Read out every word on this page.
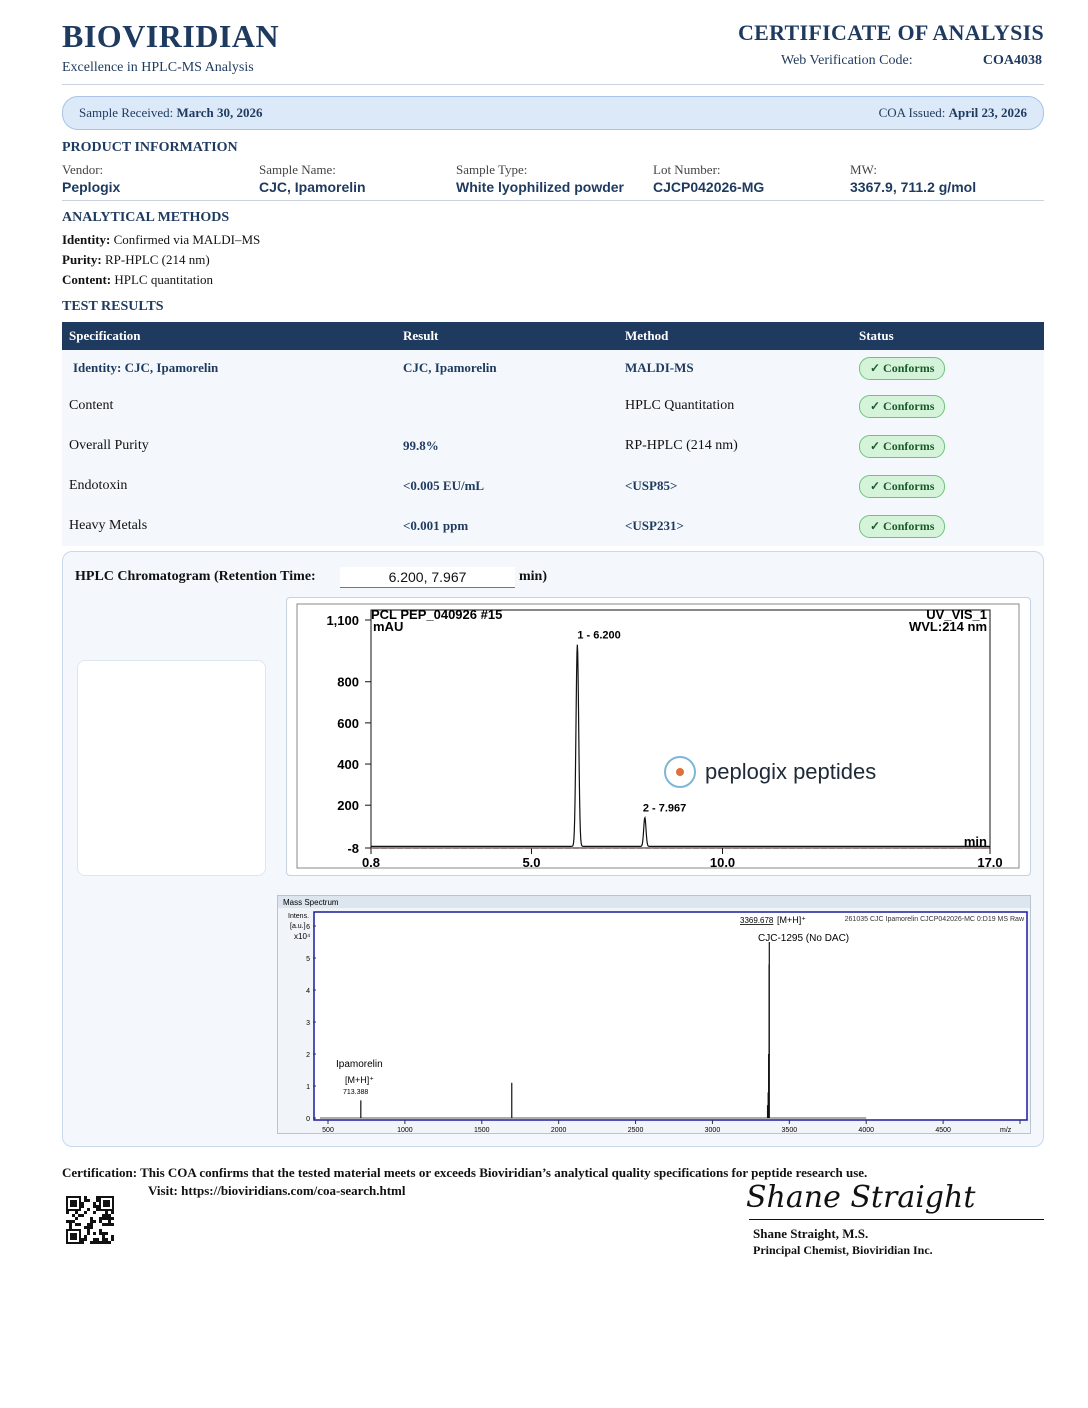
BIOVIRIDIAN
Excellence in HPLC-MS Analysis
CERTIFICATE OF ANALYSIS
Web Verification Code:	COA4038
Sample Received: March 30, 2026	COA Issued: April 23, 2026
PRODUCT INFORMATION
Vendor:
Peplogix
Sample Name:
CJC, Ipamorelin
Sample Type:
White lyophilized powder
Lot Number:
CJCP042026-MG
MW:
3367.9, 711.2 g/mol
ANALYTICAL METHODS
Identity: Confirmed via MALDI–MS
Purity: RP-HPLC (214 nm)
Content: HPLC quantitation
TEST RESULTS
Specification	Result	Method	Status
Identity: CJC, Ipamorelin	CJC, Ipamorelin	MALDI-MS	✓ Conforms
Content		HPLC Quantitation	✓ Conforms
Overall Purity	99.8%	RP-HPLC (214 nm)	✓ Conforms
Endotoxin	<0.005 EU/mL	<USP85>	✓ Conforms
Heavy Metals	<0.001 ppm	<USP231>	✓ Conforms
HPLC Chromatogram (Retention Time:	6.200, 7.967	min)
PCL PEP_040926 #15	UV_VIS_1
mAU	WVL:214 nm
min
peplogix peptides
-8
200
400
600
800
1,100
0.8	5.0	10.0	17.0
1 - 6.200
2 - 7.967
Mass Spectrum
Intens.
[a.u.]
x10⁴
261035 CJC Ipamorelin CJCP042026-MC 0:D19 MS Raw
m/z
3369.678 [M+H]⁺
CJC-1295 (No DAC)
Ipamorelin
[M+H]⁺
713.388
0
1
2
3
4
5
6
500	1000	1500	2000	2500	3000	3500	4000	4500
Certification: This COA confirms that the tested material meets or exceeds Bioviridian’s analytical quality specifications for peptide research use.
Visit: https://bioviridians.com/coa-search.html	Shane Straight
Shane Straight, M.S.
Principal Chemist, Bioviridian Inc.
